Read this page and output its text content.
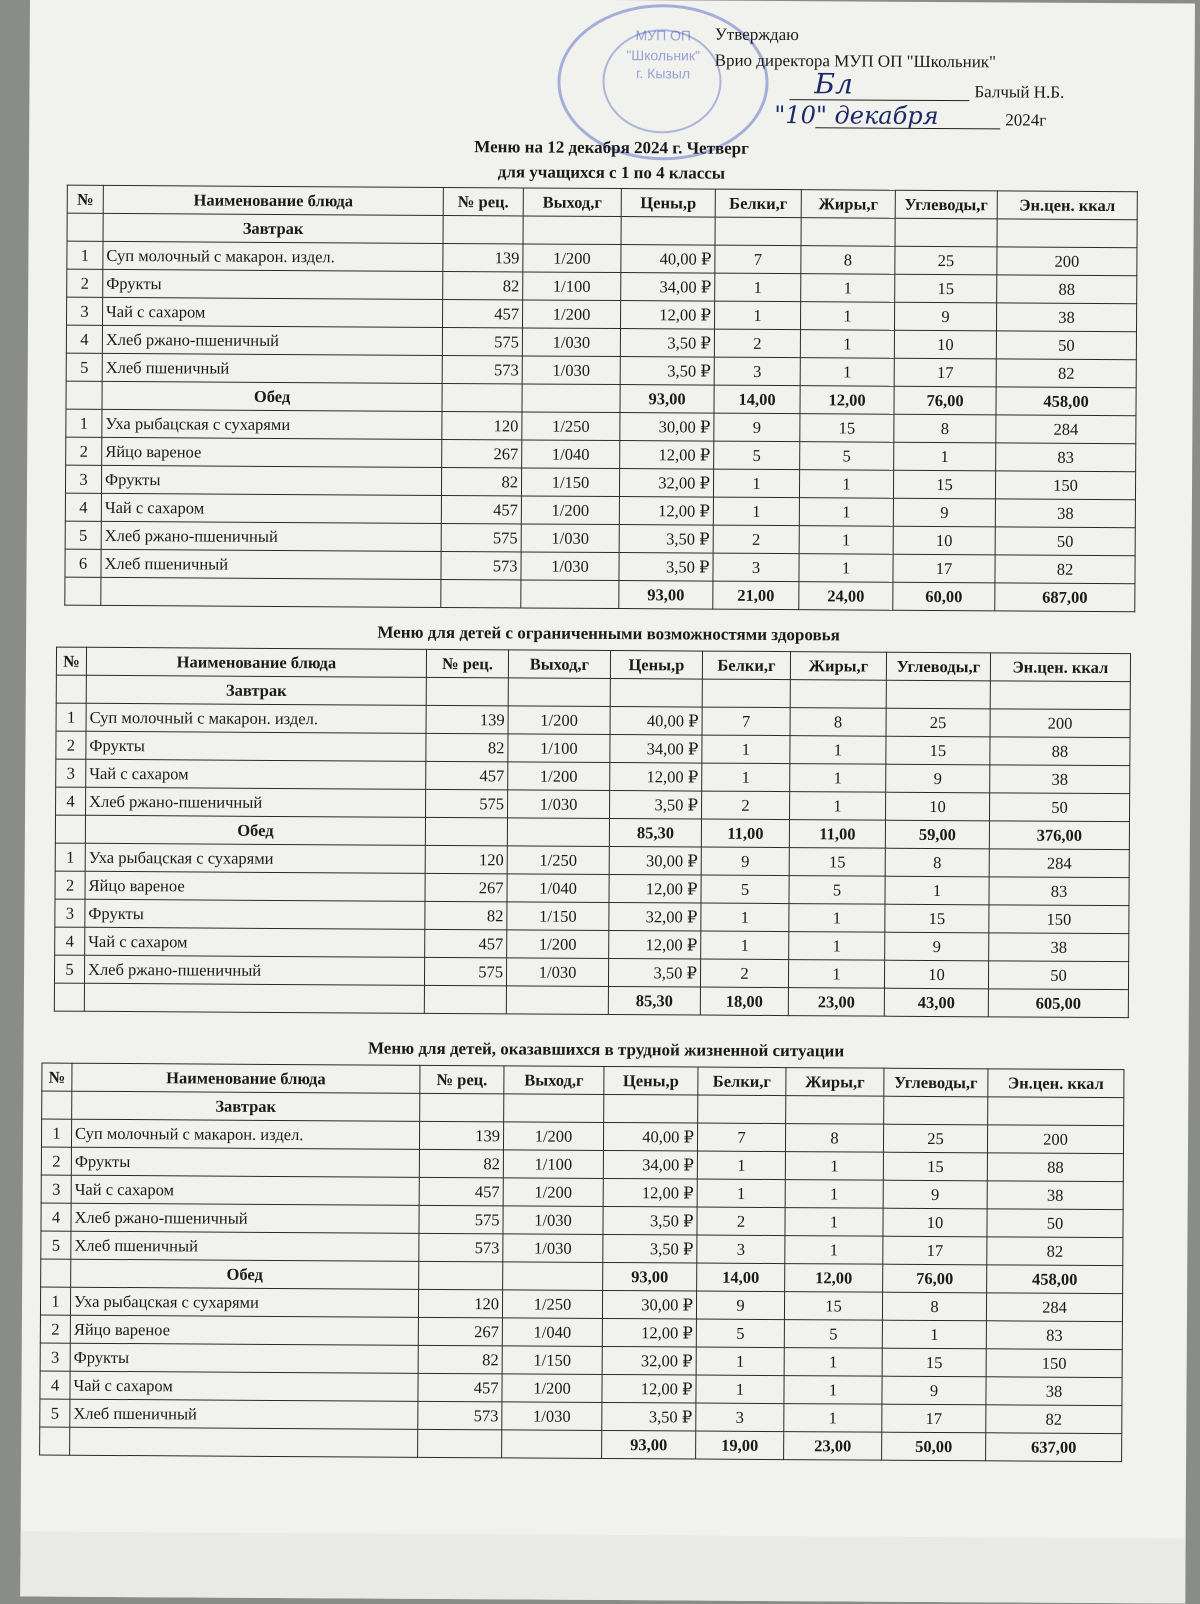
МУП ОП
"Школьник"
г. Кызыл
Утверждаю
Врио директора МУП ОП "Школьник"
Балчый Н.Б.
Бл
2024г
"10" декабря
Меню на 12 декабря 2024 г. Четверг
для учащихся с 1 по 4 классы
№	Наименование блюда	№ рец.	Выход,г	Цены,р	Белки,г	Жиры,г	Углеводы,г	Эн.цен. ккал
	Завтрак							
1	Суп молочный с макарон. издел.	139	1/200	40,00 ₽	7	8	25	200
2	Фрукты	82	1/100	34,00 ₽	1	1	15	88
3	Чай с сахаром	457	1/200	12,00 ₽	1	1	9	38
4	Хлеб ржано-пшеничный	575	1/030	3,50 ₽	2	1	10	50
5	Хлеб пшеничный	573	1/030	3,50 ₽	3	1	17	82
	Обед			93,00	14,00	12,00	76,00	458,00
1	Уха рыбацская с сухарями	120	1/250	30,00 ₽	9	15	8	284
2	Яйцо вареное	267	1/040	12,00 ₽	5	5	1	83
3	Фрукты	82	1/150	32,00 ₽	1	1	15	150
4	Чай с сахаром	457	1/200	12,00 ₽	1	1	9	38
5	Хлеб ржано-пшеничный	575	1/030	3,50 ₽	2	1	10	50
6	Хлеб пшеничный	573	1/030	3,50 ₽	3	1	17	82
				93,00	21,00	24,00	60,00	687,00
Меню для детей с ограниченными возможностями здоровья
№	Наименование блюда	№ рец.	Выход,г	Цены,р	Белки,г	Жиры,г	Углеводы,г	Эн.цен. ккал
	Завтрак							
1	Суп молочный с макарон. издел.	139	1/200	40,00 ₽	7	8	25	200
2	Фрукты	82	1/100	34,00 ₽	1	1	15	88
3	Чай с сахаром	457	1/200	12,00 ₽	1	1	9	38
4	Хлеб ржано-пшеничный	575	1/030	3,50 ₽	2	1	10	50
	Обед			85,30	11,00	11,00	59,00	376,00
1	Уха рыбацская с сухарями	120	1/250	30,00 ₽	9	15	8	284
2	Яйцо вареное	267	1/040	12,00 ₽	5	5	1	83
3	Фрукты	82	1/150	32,00 ₽	1	1	15	150
4	Чай с сахаром	457	1/200	12,00 ₽	1	1	9	38
5	Хлеб ржано-пшеничный	575	1/030	3,50 ₽	2	1	10	50
				85,30	18,00	23,00	43,00	605,00
Меню для детей, оказавшихся в трудной жизненной ситуации
№	Наименование блюда	№ рец.	Выход,г	Цены,р	Белки,г	Жиры,г	Углеводы,г	Эн.цен. ккал
	Завтрак							
1	Суп молочный с макарон. издел.	139	1/200	40,00 ₽	7	8	25	200
2	Фрукты	82	1/100	34,00 ₽	1	1	15	88
3	Чай с сахаром	457	1/200	12,00 ₽	1	1	9	38
4	Хлеб ржано-пшеничный	575	1/030	3,50 ₽	2	1	10	50
5	Хлеб пшеничный	573	1/030	3,50 ₽	3	1	17	82
	Обед			93,00	14,00	12,00	76,00	458,00
1	Уха рыбацская с сухарями	120	1/250	30,00 ₽	9	15	8	284
2	Яйцо вареное	267	1/040	12,00 ₽	5	5	1	83
3	Фрукты	82	1/150	32,00 ₽	1	1	15	150
4	Чай с сахаром	457	1/200	12,00 ₽	1	1	9	38
5	Хлеб пшеничный	573	1/030	3,50 ₽	3	1	17	82
				93,00	19,00	23,00	50,00	637,00
